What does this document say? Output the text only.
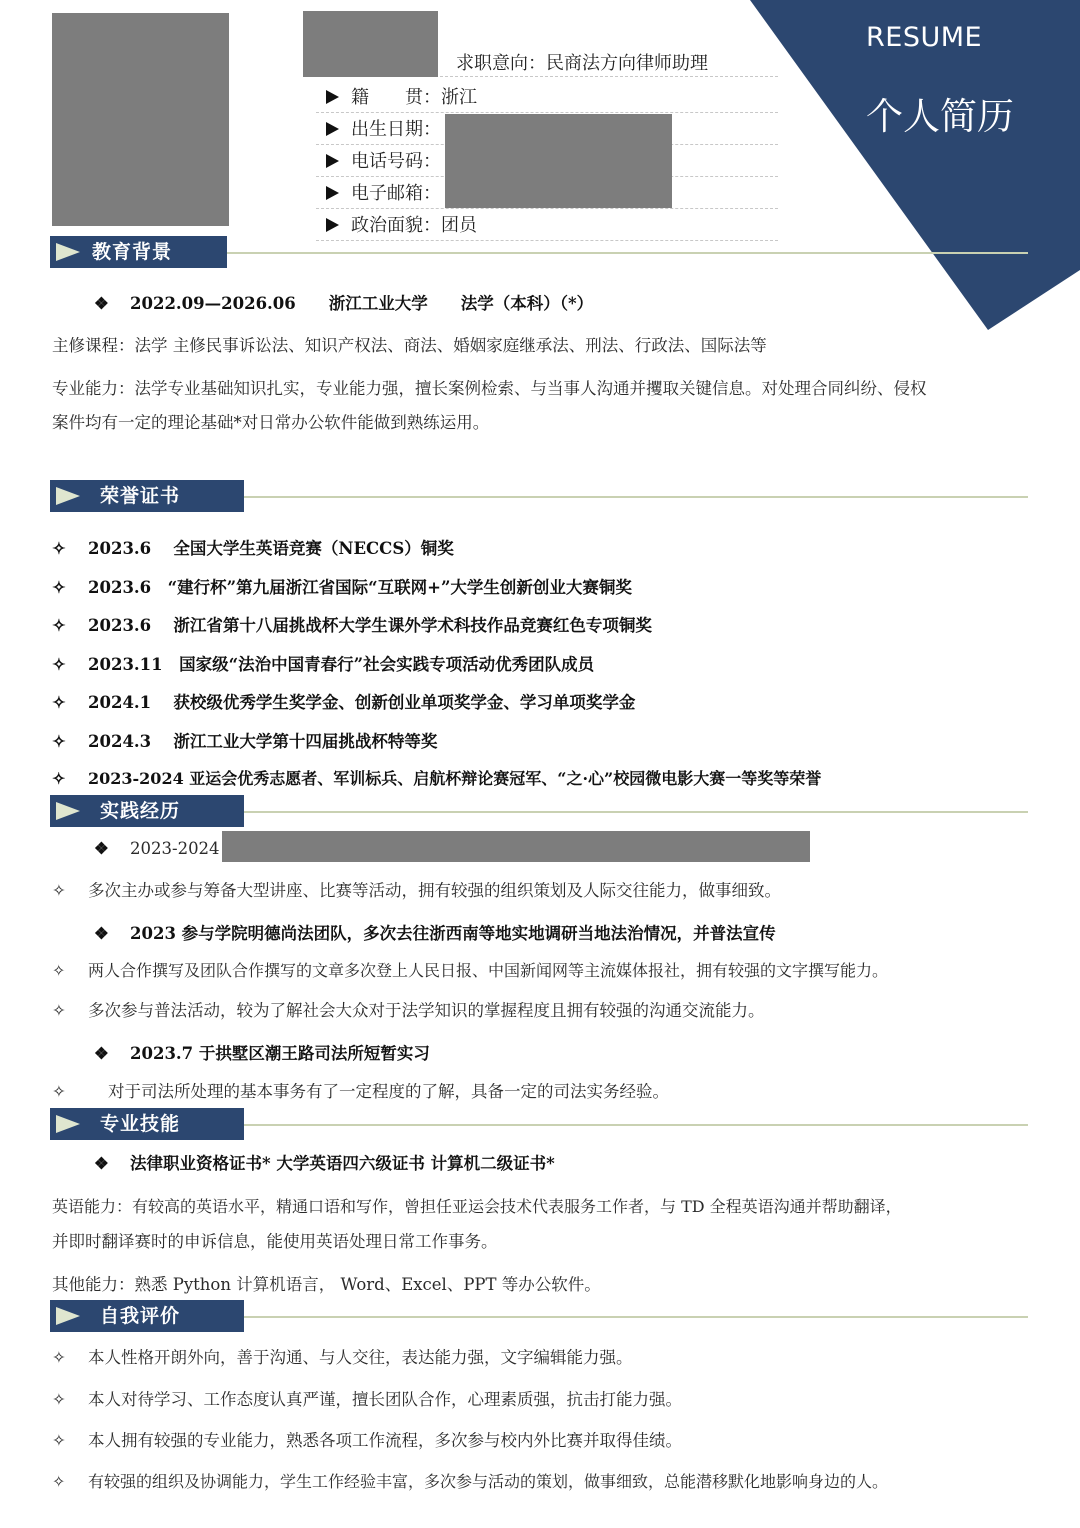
RESUME
个人简历
求职意向：民商法方向律师助理
籍　　贯：浙江
出生日期：
电话号码：
电子邮箱：
政治面貌：团员
教育背景
❖ 2022.09—2026.06　　浙江工业大学　　法学（本科）（*）
主修课程：法学 主修民事诉讼法、知识产权法、商法、婚姻家庭继承法、刑法、行政法、国际法等
专业能力：法学专业基础知识扎实，专业能力强，擅长案例检索、与当事人沟通并攫取关键信息。对处理合同纠纷、侵权
案件均有一定的理论基础*对日常办公软件能做到熟练运用。
荣誉证书
✧ 2023.6　 全国大学生英语竞赛（NECCS）铜奖
✧ 2023.6　“建行杯”第九届浙江省国际“互联网+”大学生创新创业大赛铜奖
✧ 2023.6　 浙江省第十八届挑战杯大学生课外学术科技作品竞赛红色专项铜奖
✧ 2023.11　国家级“法治中国青春行”社会实践专项活动优秀团队成员
✧ 2024.1　 获校级优秀学生奖学金、创新创业单项奖学金、学习单项奖学金
✧ 2024.3　 浙江工业大学第十四届挑战杯特等奖
✧ 2023-2024 亚运会优秀志愿者、军训标兵、启航杯辩论赛冠军、“之·心”校园微电影大赛一等奖等荣誉
实践经历
❖ 2023-2024
✧ 多次主办或参与筹备大型讲座、比赛等活动，拥有较强的组织策划及人际交往能力，做事细致。
❖ 2023 参与学院明德尚法团队，多次去往浙西南等地实地调研当地法治情况，并普法宣传
✧ 两人合作撰写及团队合作撰写的文章多次登上人民日报、中国新闻网等主流媒体报社，拥有较强的文字撰写能力。
✧ 多次参与普法活动，较为了解社会大众对于法学知识的掌握程度且拥有较强的沟通交流能力。
❖ 2023.7 于拱墅区潮王路司法所短暂实习
✧	对于司法所处理的基本事务有了一定程度的了解，具备一定的司法实务经验。
专业技能
❖ 法律职业资格证书* 大学英语四六级证书 计算机二级证书*
英语能力：有较高的英语水平，精通口语和写作，曾担任亚运会技术代表服务工作者，与 TD 全程英语沟通并帮助翻译，
并即时翻译赛时的申诉信息，能使用英语处理日常工作事务。
其他能力：熟悉 Python 计算机语言， Word、Excel、PPT 等办公软件。
自我评价
✧ 本人性格开朗外向，善于沟通、与人交往，表达能力强，文字编辑能力强。
✧ 本人对待学习、工作态度认真严谨，擅长团队合作，心理素质强，抗击打能力强。
✧ 本人拥有较强的专业能力，熟悉各项工作流程，多次参与校内外比赛并取得佳绩。
✧ 有较强的组织及协调能力，学生工作经验丰富，多次参与活动的策划，做事细致，总能潜移默化地影响身边的人。
